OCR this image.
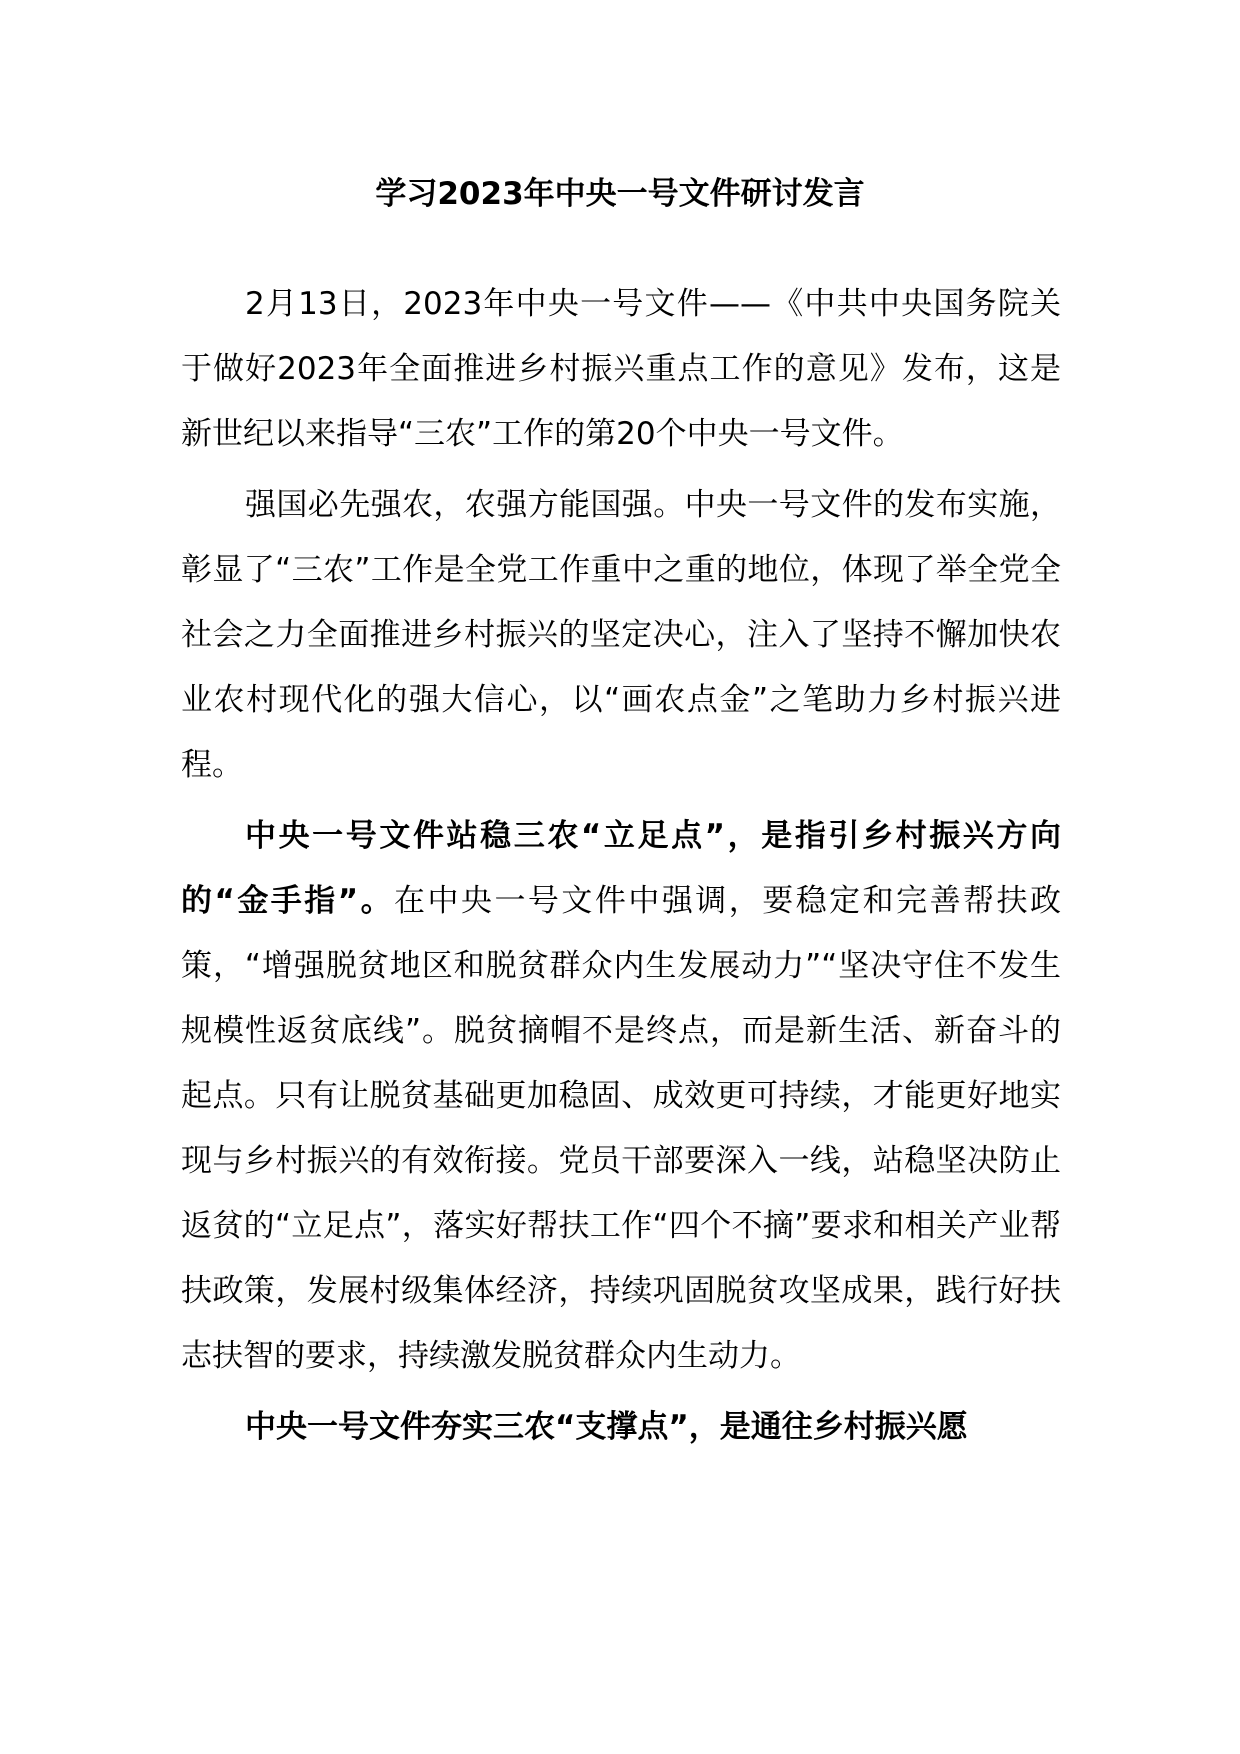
学习2023年中央一号文件研讨发言

2月13日，2023年中央一号文件——《中共中央国务院关于做好2023年全面推进乡村振兴重点工作的意见》发布，这是新世纪以来指导“三农”工作的第20个中央一号文件。

强国必先强农，农强方能国强。中央一号文件的发布实施，彰显了“三农”工作是全党工作重中之重的地位，体现了举全党全社会之力全面推进乡村振兴的坚定决心，注入了坚持不懈加快农业农村现代化的强大信心，以“画农点金”之笔助力乡村振兴进程。

中央一号文件站稳三农“立足点”，是指引乡村振兴方向的“金手指”。在中央一号文件中强调，要稳定和完善帮扶政策，“增强脱贫地区和脱贫群众内生发展动力”“坚决守住不发生规模性返贫底线”。脱贫摘帽不是终点，而是新生活、新奋斗的起点。只有让脱贫基础更加稳固、成效更可持续，才能更好地实现与乡村振兴的有效衔接。党员干部要深入一线，站稳坚决防止返贫的“立足点”，落实好帮扶工作“四个不摘”要求和相关产业帮扶政策，发展村级集体经济，持续巩固脱贫攻坚成果，践行好扶志扶智的要求，持续激发脱贫群众内生动力。

中央一号文件夯实三农“支撑点”，是通往乡村振兴愿
